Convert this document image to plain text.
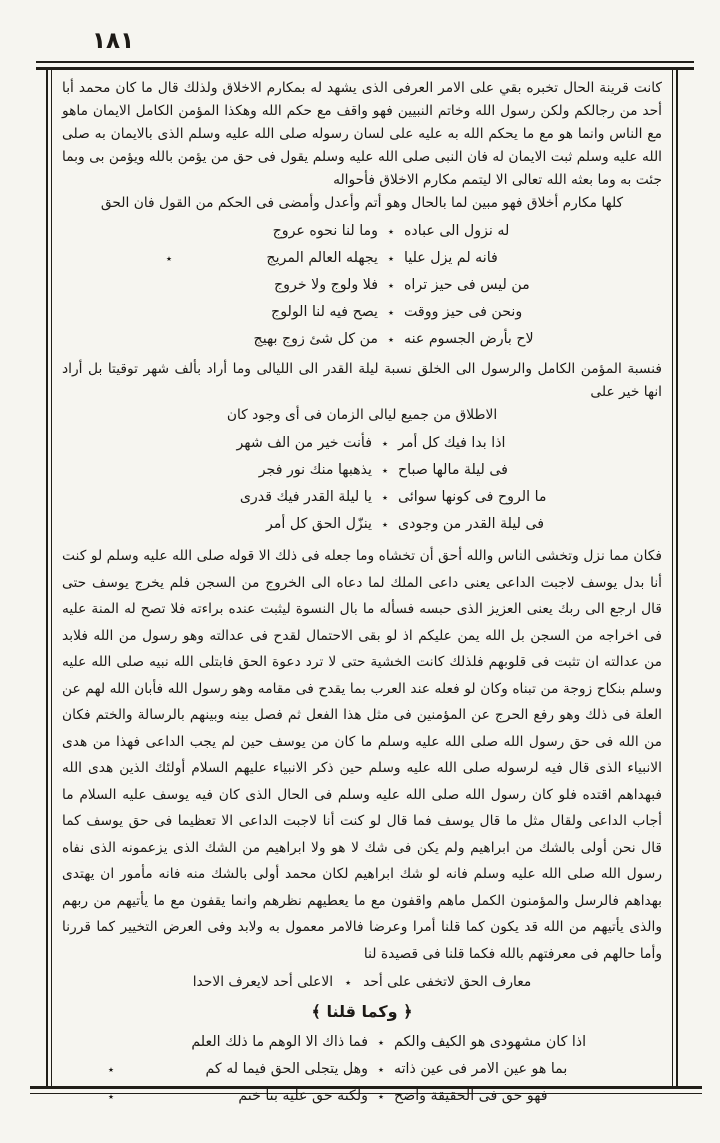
١٨١

كانت قرينة الحال تخبره بقي على الامر العرفى الذى يشهد له بمكارم الاخلاق ولذلك قال ما كان محمد أبا أحد من رجالكم ولكن رسول الله وخاتم النبيين فهو واقف مع حكم الله وهكذا المؤمن الكامل الايمان ماهو مع الناس وانما هو مع ما يحكم الله به عليه على لسان رسوله صلى الله عليه وسلم الذى بالايمان به صلى الله عليه وسلم ثبت الايمان له فان النبى صلى الله عليه وسلم يقول فى حق من يؤمن بالله ويؤمن بى وبما جئت به وما بعثه الله تعالى الا ليتمم مكارم الاخلاق فأحواله

كلها مكارم أخلاق فهو مبين لما بالحال وهو أتم وأعدل وأمضى فى الحكم من القول فان الحق

له نزول الى عباده
٭
وما لنا نحوه عروج
فانه لم يزل عليا
٭
يجهله العالم المريج
٭
من ليس فى حيز تراه
٭
فلا ولوج ولا خروج
ونحن فى حيز ووقت
٭
يصح فيه لنا الولوج
لاح بأرض الجسوم عنه
٭
من كل شئ زوج بهيج

فنسبة المؤمن الكامل والرسول الى الخلق نسبة ليلة القدر الى الليالى وما أراد بألف شهر توقيتا بل أراد انها خير على

الاطلاق من جميع ليالى الزمان فى أى وجود كان

اذا بدا فيك كل أمر
٭
فأنت خير من الف شهر
فى ليلة مالها صباح
٭
يذهبها منك نور فجر
ما الروح فى كونها سوائى
٭
يا ليلة القدر فيك قدرى
فى ليلة القدر من وجودى
٭
ينزّل الحق كل أمر

فكان مما نزل وتخشى الناس والله أحق أن تخشاه وما جعله فى ذلك الا قوله صلى الله عليه وسلم لو كنت أنا بدل يوسف لاجبت الداعى يعنى داعى الملك لما دعاه الى الخروج من السجن فلم يخرج يوسف حتى قال ارجع الى ربك يعنى العزيز الذى حبسه فسأله ما بال النسوة ليثبت عنده براءته فلا تصح له المنة عليه فى اخراجه من السجن بل الله يمن عليكم اذ لو بقى الاحتمال لقدح فى عدالته وهو رسول من الله فلابد من عدالته ان تثبت فى قلوبهم فلذلك كانت الخشية حتى لا ترد دعوة الحق فابتلى الله نبيه صلى الله عليه وسلم بنكاح زوجة من تبناه وكان لو فعله عند العرب بما يقدح فى مقامه وهو رسول الله فأبان الله لهم عن العلة فى ذلك وهو رفع الحرج عن المؤمنين فى مثل هذا الفعل ثم فصل بينه وبينهم بالرسالة والختم فكان من الله فى حق رسول الله صلى الله عليه وسلم ما كان من يوسف حين لم يجب الداعى فهذا من هدى الانبياء الذى قال فيه لرسوله صلى الله عليه وسلم حين ذكر الانبياء عليهم السلام أولئك الذين هدى الله فبهداهم اقتده فلو كان رسول الله صلى الله عليه وسلم فى الحال الذى كان فيه يوسف عليه السلام ما أجاب الداعى ولقال مثل ما قال يوسف فما قال لو كنت أنا لاجبت الداعى الا تعظيما فى حق يوسف كما قال نحن أولى بالشك من ابراهيم ولم يكن فى شك لا هو ولا ابراهيم من الشك الذى يزعمونه الذى نفاه رسول الله صلى الله عليه وسلم فانه لو شك ابراهيم لكان محمد أولى بالشك منه فانه مأمور ان يهتدى بهداهم فالرسل والمؤمنون الكمل ماهم واقفون مع ما يعطيهم نظرهم وانما يقفون مع ما يأتيهم من ربهم والذى يأتيهم من الله قد يكون كما قلنا أمرا وعرضا فالامر معمول به ولابد وفى العرض التخيير كما قررنا وأما حالهم فى معرفتهم بالله فكما قلنا فى قصيدة لنا

معارف الحق لاتخفى على أحد
٭
الاعلى أحد لايعرف الاحدا
﴿ وكما قلنا ﴾
اذا كان مشهودى هو الكيف والكم
٭
فما ذاك الا الوهم ما ذلك العلم
بما هو عين الامر فى عين ذاته
٭
وهل يتجلى الحق فيما له كم
٭
فهو حق فى الحقيقة واضح
٭
ولكنه حق عليه بنا ختم
٭
